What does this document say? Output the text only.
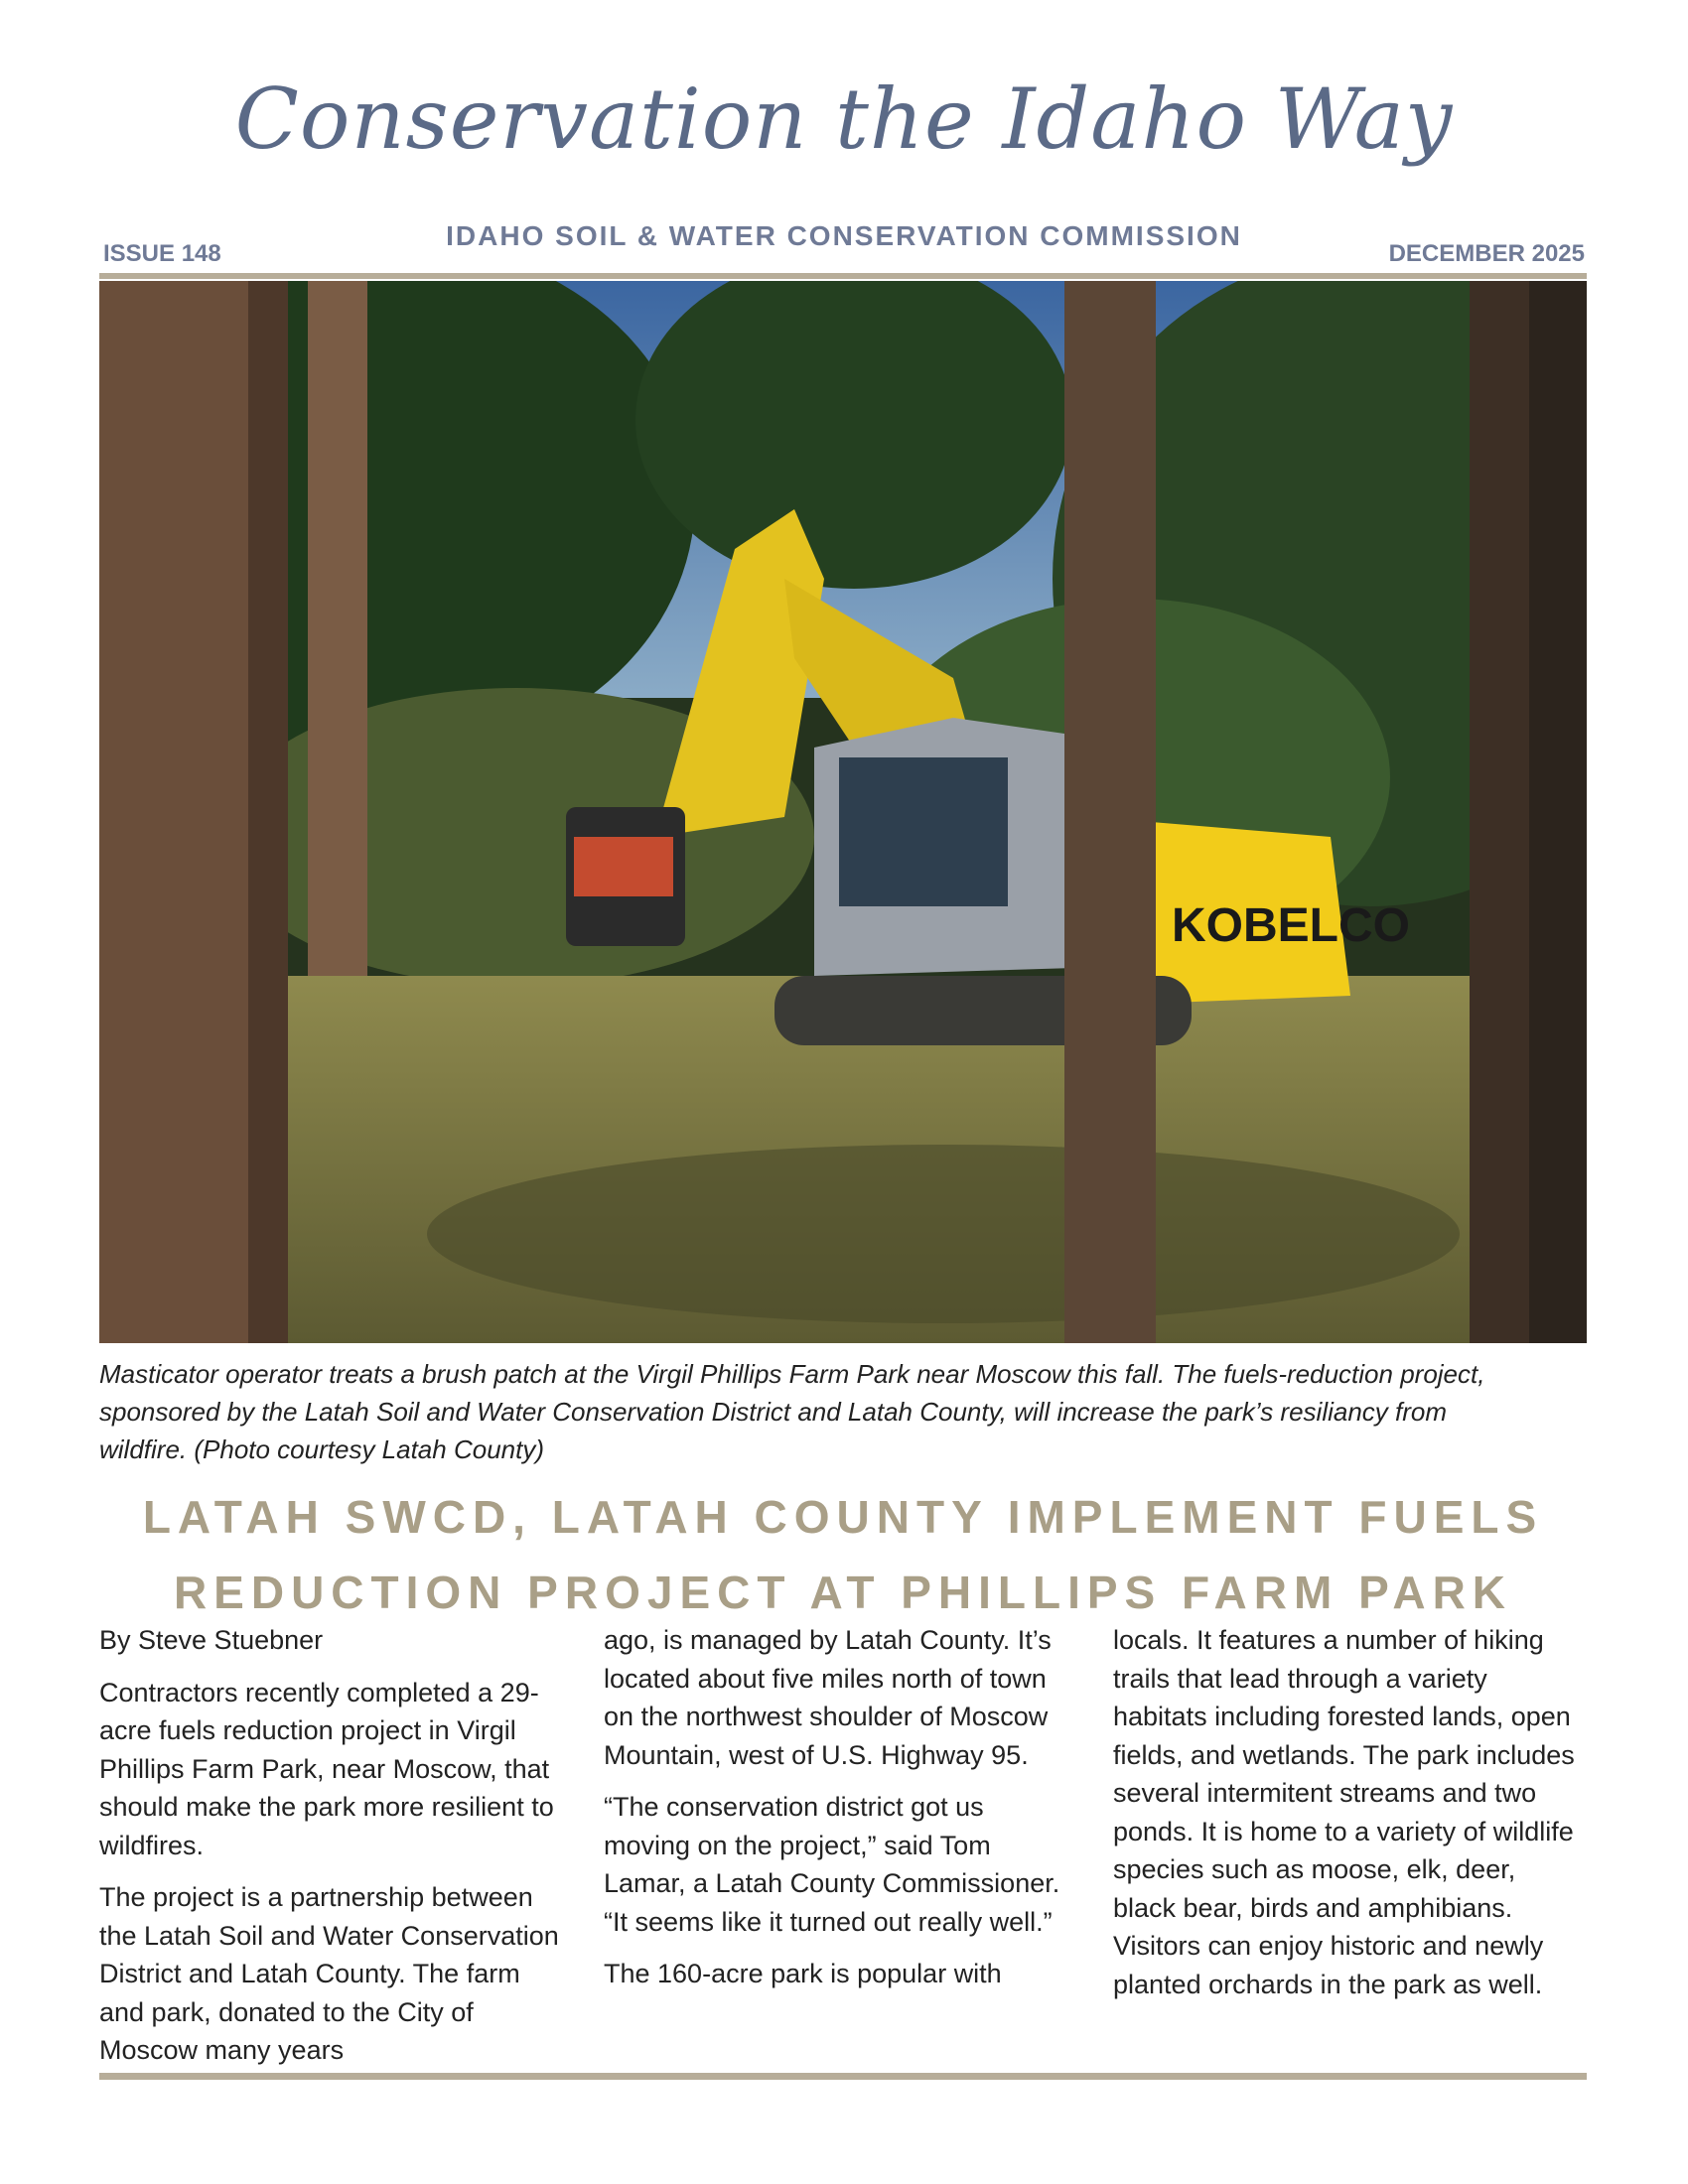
Conservation the Idaho Way
IDAHO SOIL & WATER CONSERVATION COMMISSION
ISSUE 148	DECEMBER 2025
KOBELCO
Masticator operator treats a brush patch at the Virgil Phillips Farm Park near Moscow this fall. The fuels-reduction project, sponsored by the Latah Soil and Water Conservation District and Latah County, will increase the park’s resiliancy from wildfire. (Photo courtesy Latah County)
LATAH SWCD, LATAH COUNTY IMPLEMENT FUELS
REDUCTION PROJECT AT PHILLIPS FARM PARK

By Steve Stuebner

Contractors recently completed a 29-acre fuels reduction project in Virgil Phillips Farm Park, near Moscow, that should make the park more resilient to wildfires.

The project is a partnership between the Latah Soil and Water Conservation District and Latah County. The farm and park, donated to the City of Moscow many years

ago, is managed by Latah County. It’s located about five miles north of town on the northwest shoulder of Moscow Mountain, west of U.S. Highway 95.

“The conservation district got us moving on the project,” said Tom Lamar, a Latah County Commissioner. “It seems like it turned out really well.”

The 160-acre park is popular with

locals. It features a number of hiking trails that lead through a variety habitats including forested lands, open fields, and wetlands. The park includes several intermitent streams and two ponds. It is home to a variety of wildlife species such as moose, elk, deer, black bear, birds and amphibians. Visitors can enjoy historic and newly planted orchards in the park as well.
